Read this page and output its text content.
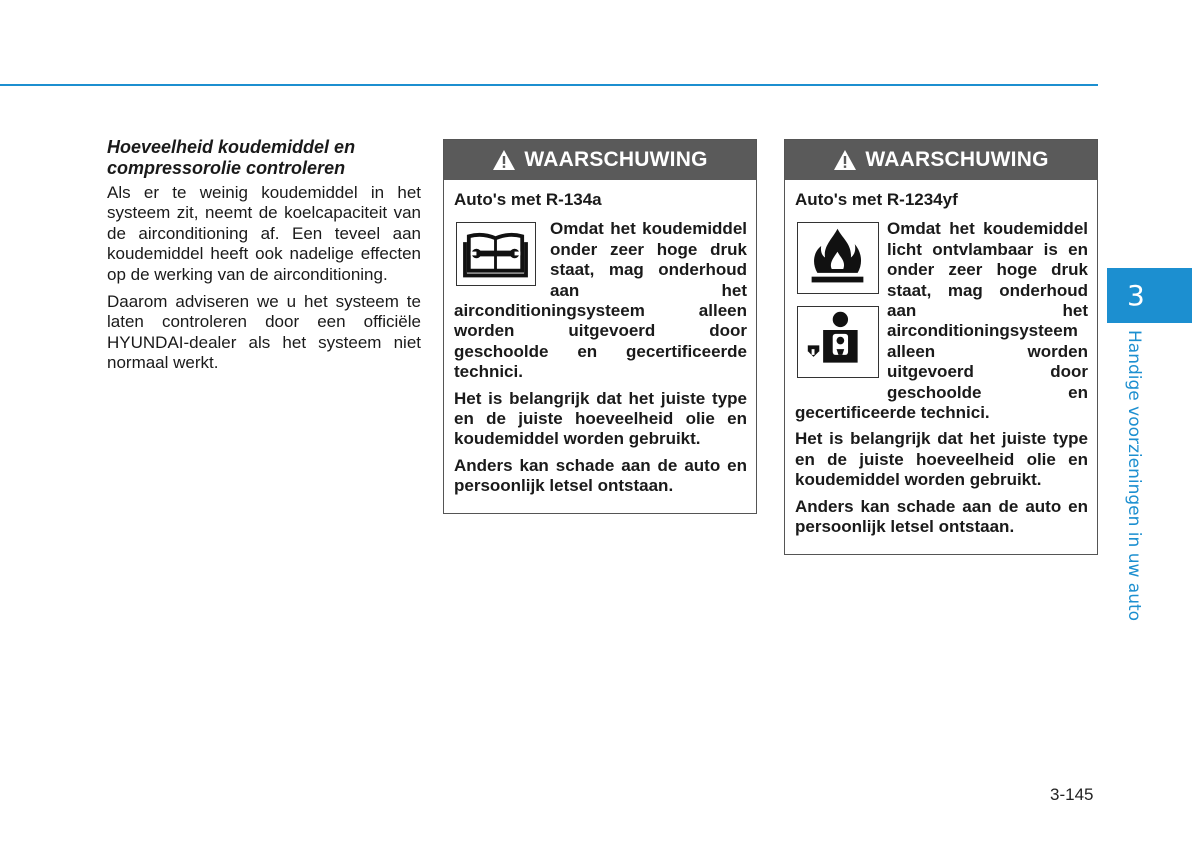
Hoeveelheid koudemiddel en compressorolie controleren

Als er te weinig koudemiddel in het systeem zit, neemt de koelcapaciteit van de airconditioning af. Een teveel aan koudemiddel heeft ook nadelige effecten op de werking van de airconditioning.

Daarom adviseren we u het systeem te laten controleren door een officiële HYUNDAI-dealer als het systeem niet normaal werkt.

WAARSCHUWING

Auto's met R-134a

Omdat het koudemiddel onder zeer hoge druk staat, mag onderhoud aan het airconditioningsysteem alleen worden uitgevoerd door geschoolde en gecertificeerde technici.

Het is belangrijk dat het juiste type en de juiste hoeveelheid olie en koudemiddel worden gebruikt.

Anders kan schade aan de auto en persoonlijk letsel ontstaan.

WAARSCHUWING

Auto's met R-1234yf

Omdat het koudemiddel licht ontvlambaar is en onder zeer hoge druk staat, mag onderhoud aan het airconditioningsysteem alleen worden uitgevoerd door geschoolde en gecertificeerde technici.

Het is belangrijk dat het juiste type en de juiste hoeveelheid olie en koudemiddel worden gebruikt.

Anders kan schade aan de auto en persoonlijk letsel ontstaan.

3
Handige voorzieningen in uw auto
3-145
